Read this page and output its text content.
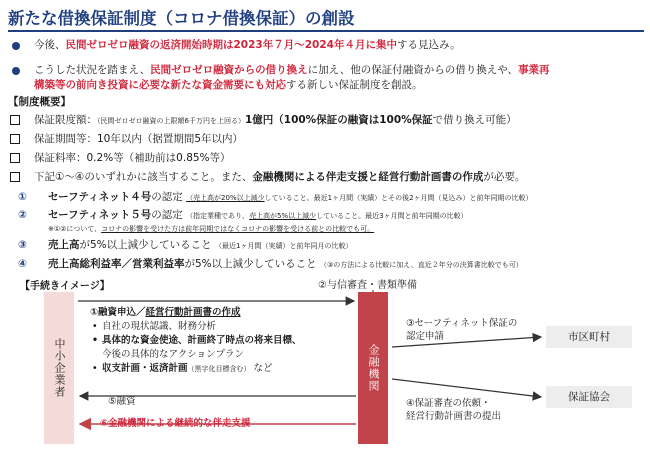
新たな借換保証制度（コロナ借換保証）の創設
今後、民間ゼロゼロ融資の返済開始時期は2023年７月～2024年４月に集中する見込み。
こうした状況を踏まえ、民間ゼロゼロ融資からの借り換えに加え、他の保証付融資からの借り換えや、事業再
構築等の前向き投資に必要な新たな資金需要にも対応する新しい保証制度を創設。
【制度概要】
保証限度額：（民間ゼロゼロ融資の上限額6千万円を上回る）1億円（100%保証の融資は100%保証で借り換え可能）
保証期間等：10年以内（据置期間5年以内）
保証料率：0.2%等（補助前は0.85%等）
下記①～④のいずれかに該当すること。また、金融機関による伴走支援と経営行動計画書の作成が必要。
① セーフティネット４号の認定 （売上高が20%以上減少していること。最近1ヶ月間（実績）とその後2ヶ月間（見込み）と前年同期の比較）
② セーフティネット５号の認定 （指定業種であり、売上高が5%以上減少していること。最近3ヶ月間と前年同期の比較）
※①②について、コロナの影響を受けた方は前年同期ではなくコロナの影響を受ける前との比較でも可。
③ 売上高が5%以上減少していること （最近1ヶ月間（実績）と前年同月の比較）
④ 売上高総利益率／営業利益率が5%以上減少していること （③の方法による比較に加え、直近２年分の決算書比較でも可）
【手続きイメージ】	②与信審査・書類準備
中小企業者	金融機関
①融資申込／経営行動計画書の作成
• 自社の現状認識、財務分析
• 具体的な資金使途、計画終了時点の将来目標、
今後の具体的なアクションプラン
• 収支計画・返済計画（黒字化目標含む） など
③セーフティネット保証の
認定申請
④保証審査の依頼・
経営行動計画書の提出
市区町村
保証協会
⑤融資
⑥金融機関による継続的な伴走支援
